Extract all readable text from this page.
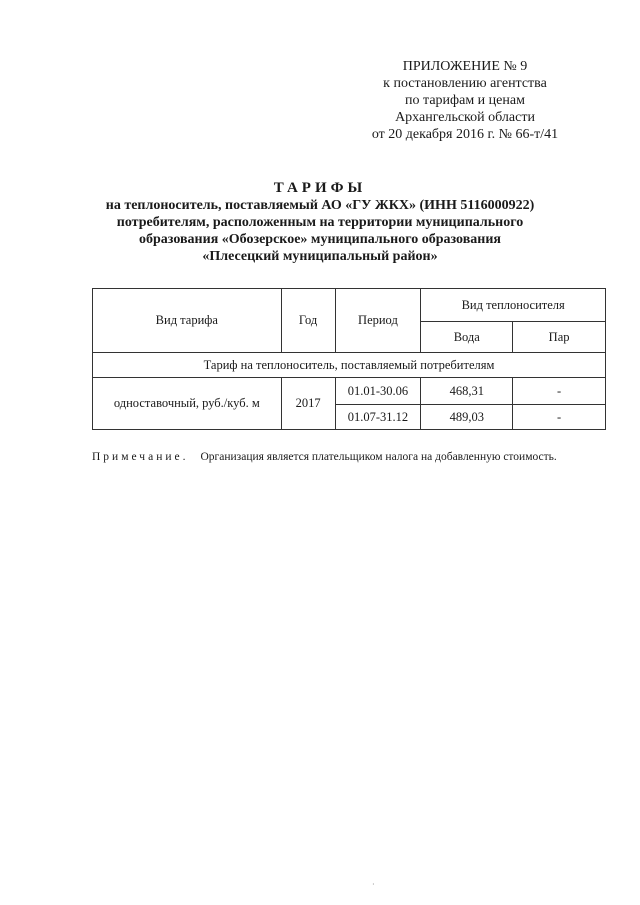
ПРИЛОЖЕНИЕ № 9
к постановлению агентства
по тарифам и ценам
Архангельской области
от 20 декабря 2016 г. № 66-т/41
ТАРИФЫ
на теплоноситель, поставляемый АО «ГУ ЖКХ» (ИНН 5116000922)
потребителям, расположенным на территории муниципального
образования «Обозерское» муниципального образования
«Плесецкий муниципальный район»
Вид тарифа	Год	Период	Вид теплоносителя	
			Вода	Пар
Тариф на теплоноситель, поставляемый потребителям				
одноставочный, руб./куб. м	2017	01.01-30.06	468,31	-
		01.07-31.12	489,03	-
Примечание. Организация является плательщиком налога на добавленную стоимость.
·
